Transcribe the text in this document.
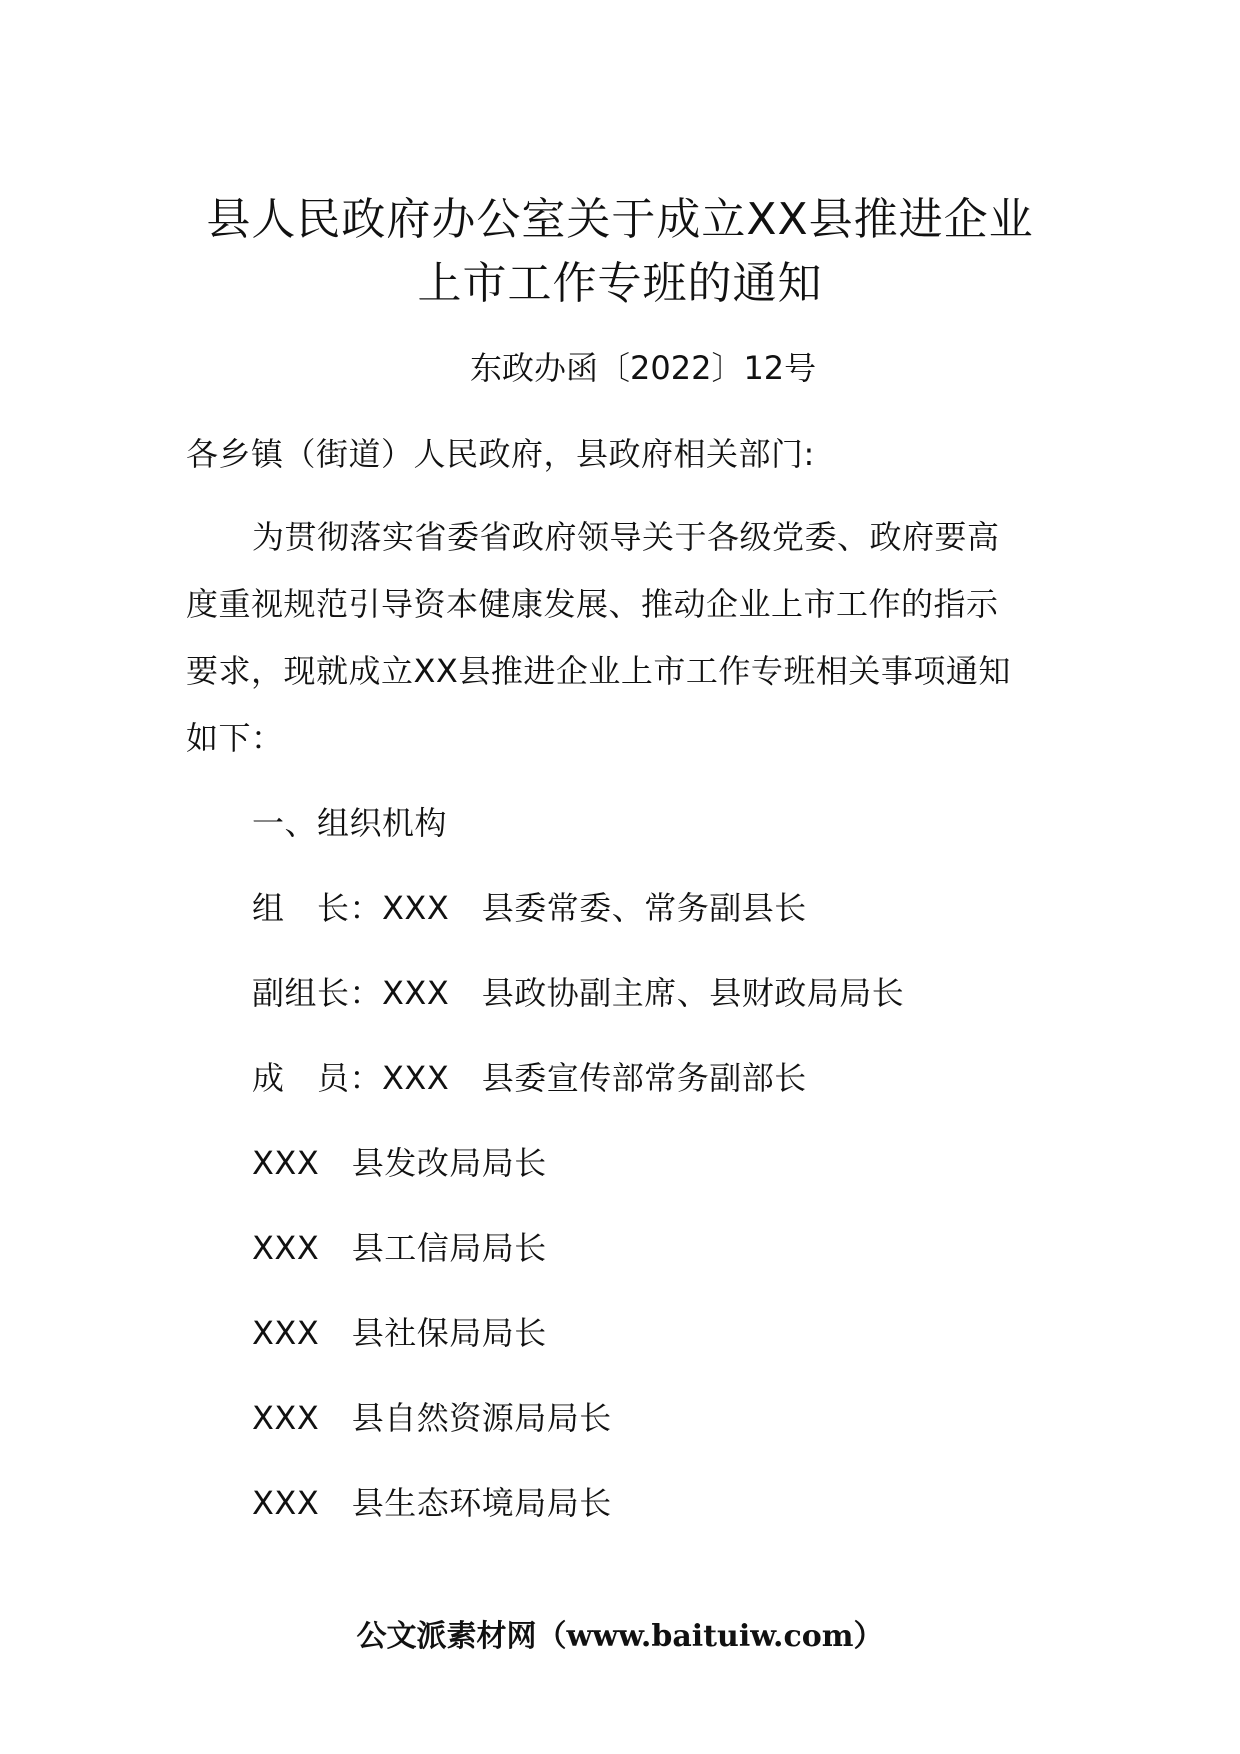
县人民政府办公室关于成立XX县推进企业
上市工作专班的通知
东政办函〔2022〕12号
各乡镇（街道）人民政府，县政府相关部门:
为贯彻落实省委省政府领导关于各级党委、政府要高
度重视规范引导资本健康发展、推动企业上市工作的指示
要求，现就成立XX县推进企业上市工作专班相关事项通知
如下：
一、组织机构
组　长：XXX　县委常委、常务副县长
副组长：XXX　县政协副主席、县财政局局长
成　员：XXX　县委宣传部常务副部长
XXX　县发改局局长
XXX　县工信局局长
XXX　县社保局局长
XXX　县自然资源局局长
XXX　县生态环境局局长
公文派素材网（www.baituiw.com）
